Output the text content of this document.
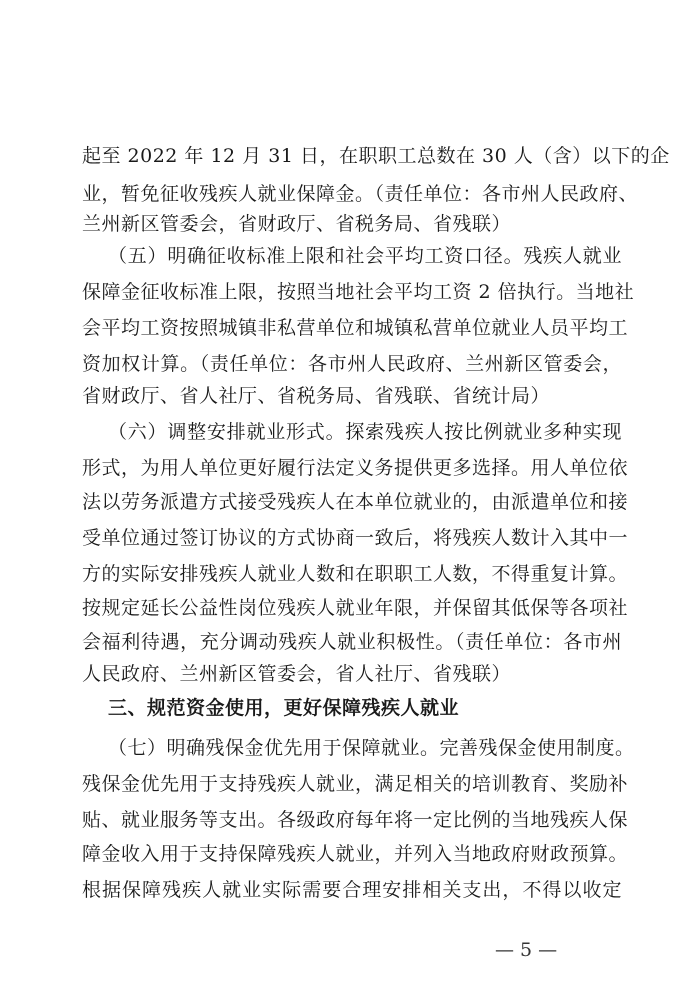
起至 2022 年 12 月 31 日，在职职工总数在 30 人（含）以下的企
业，暂免征收残疾人就业保障金。（责任单位：各市州人民政府、
兰州新区管委会，省财政厅、省税务局、省残联）
（五）明确征收标准上限和社会平均工资口径。残疾人就业
保障金征收标准上限，按照当地社会平均工资 2 倍执行。当地社
会平均工资按照城镇非私营单位和城镇私营单位就业人员平均工
资加权计算。（责任单位：各市州人民政府、兰州新区管委会，
省财政厅、省人社厅、省税务局、省残联、省统计局）
（六）调整安排就业形式。探索残疾人按比例就业多种实现
形式，为用人单位更好履行法定义务提供更多选择。用人单位依
法以劳务派遣方式接受残疾人在本单位就业的，由派遣单位和接
受单位通过签订协议的方式协商一致后，将残疾人数计入其中一
方的实际安排残疾人就业人数和在职职工人数，不得重复计算。
按规定延长公益性岗位残疾人就业年限，并保留其低保等各项社
会福利待遇，充分调动残疾人就业积极性。（责任单位：各市州
人民政府、兰州新区管委会，省人社厅、省残联）
三、规范资金使用，更好保障残疾人就业
（七）明确残保金优先用于保障就业。完善残保金使用制度。
残保金优先用于支持残疾人就业，满足相关的培训教育、奖励补
贴、就业服务等支出。各级政府每年将一定比例的当地残疾人保
障金收入用于支持保障残疾人就业，并列入当地政府财政预算。
根据保障残疾人就业实际需要合理安排相关支出，不得以收定
— 5 —
